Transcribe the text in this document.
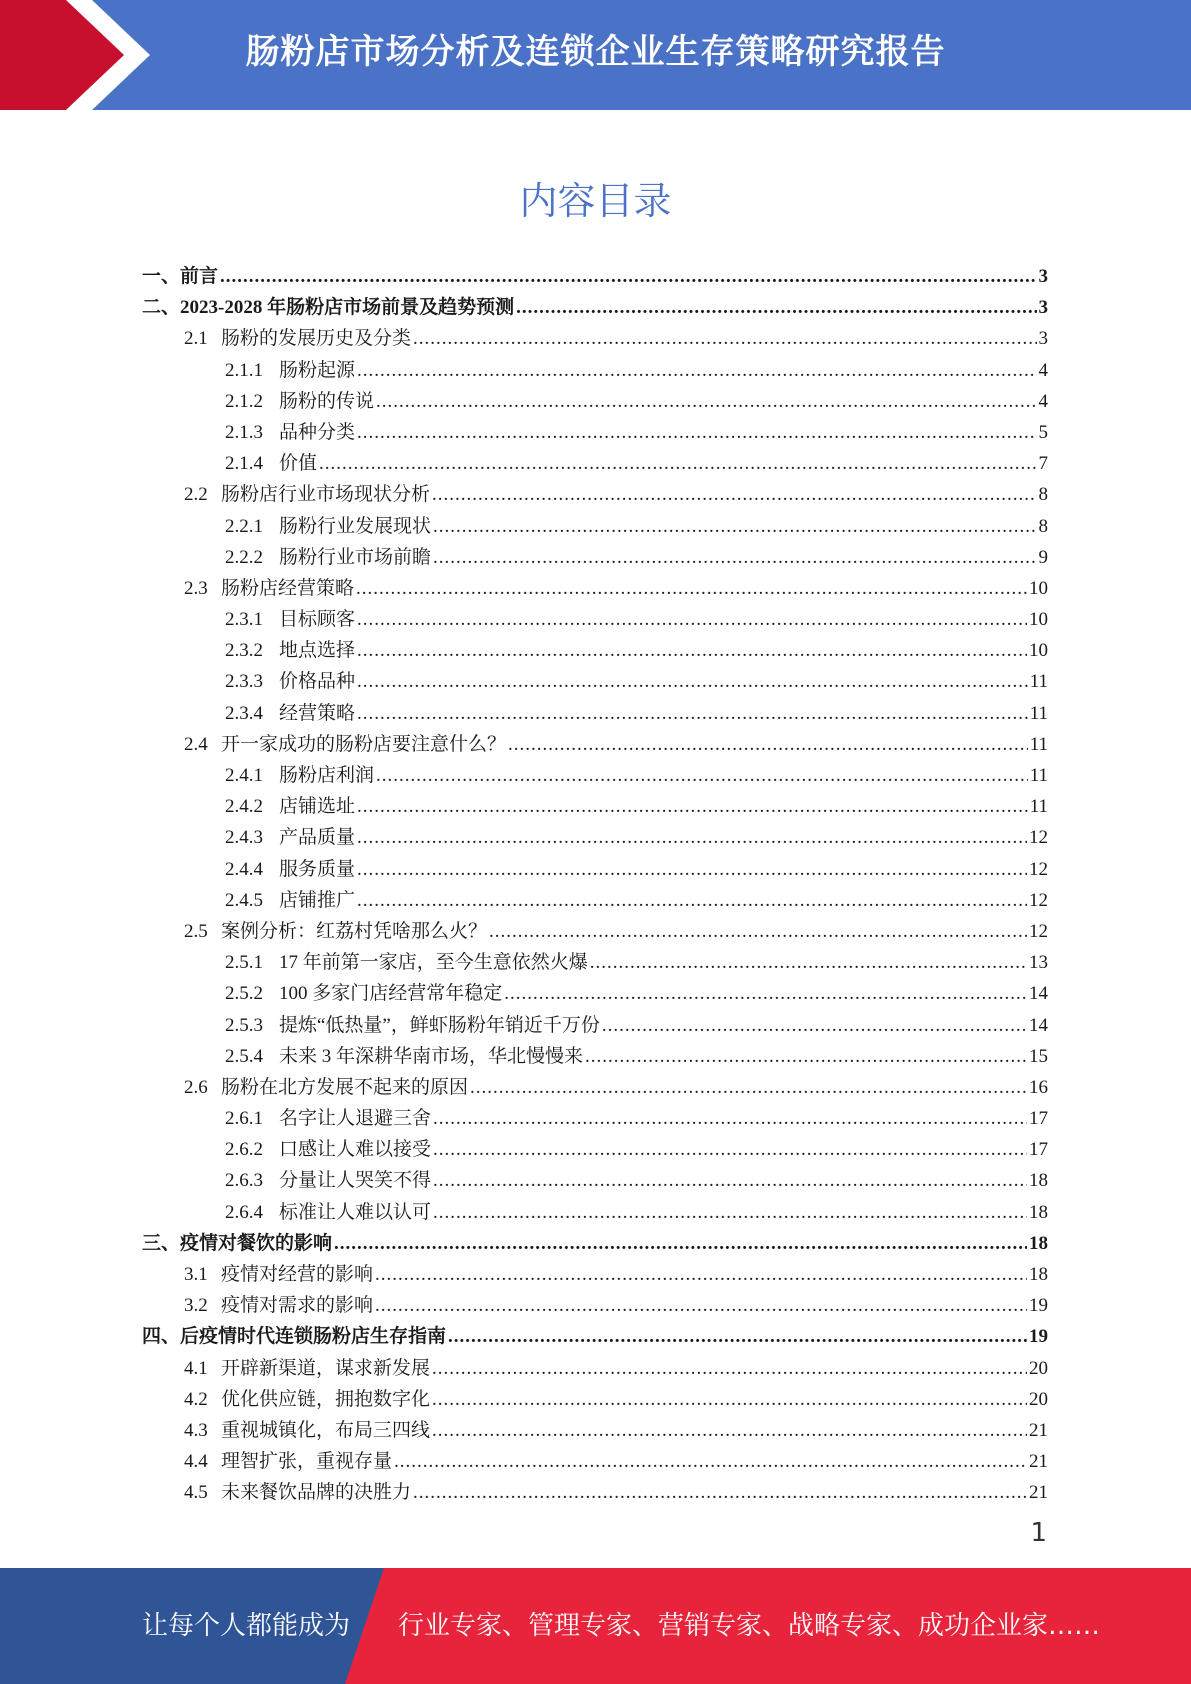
肠粉店市场分析及连锁企业生存策略研究报告
内容目录
一、 前言 .....	3
二、 2023-2028 年肠粉店市场前景及趋势预测 .....	3
2.1 肠粉的发展历史及分类 .....	3
2.1.1 肠粉起源 .....	4
2.1.2 肠粉的传说 .....	4
2.1.3 品种分类 .....	5
2.1.4 价值 .....	7
2.2 肠粉店行业市场现状分析 .....	8
2.2.1 肠粉行业发展现状 .....	8
2.2.2 肠粉行业市场前瞻 .....	9
2.3 肠粉店经营策略 .....	10
2.3.1 目标顾客 .....	10
2.3.2 地点选择 .....	10
2.3.3 价格品种 .....	11
2.3.4 经营策略 .....	11
2.4 开一家成功的肠粉店要注意什么？ .....	11
2.4.1 肠粉店利润 .....	11
2.4.2 店铺选址 .....	11
2.4.3 产品质量 .....	12
2.4.4 服务质量 .....	12
2.4.5 店铺推广 .....	12
2.5 案例分析：红荔村凭啥那么火？ .....	12
2.5.1 17 年前第一家店，至今生意依然火爆 .....	13
2.5.2 100 多家门店经营常年稳定 .....	14
2.5.3 提炼“低热量”，鲜虾肠粉年销近千万份 .....	14
2.5.4 未来 3 年深耕华南市场，华北慢慢来 .....	15
2.6 肠粉在北方发展不起来的原因 .....	16
2.6.1 名字让人退避三舍 .....	17
2.6.2 口感让人难以接受 .....	17
2.6.3 分量让人哭笑不得 .....	18
2.6.4 标准让人难以认可 .....	18
三、 疫情对餐饮的影响 .....	18
3.1 疫情对经营的影响 .....	18
3.2 疫情对需求的影响 .....	19
四、 后疫情时代连锁肠粉店生存指南 .....	19
4.1 开辟新渠道，谋求新发展 .....	20
4.2 优化供应链，拥抱数字化 .....	20
4.3 重视城镇化，布局三四线 .....	21
4.4 理智扩张，重视存量 .....	21
4.5 未来餐饮品牌的决胜力 .....	21
1
让每个人都能成为 行业专家、管理专家、营销专家、战略专家、成功企业家……
